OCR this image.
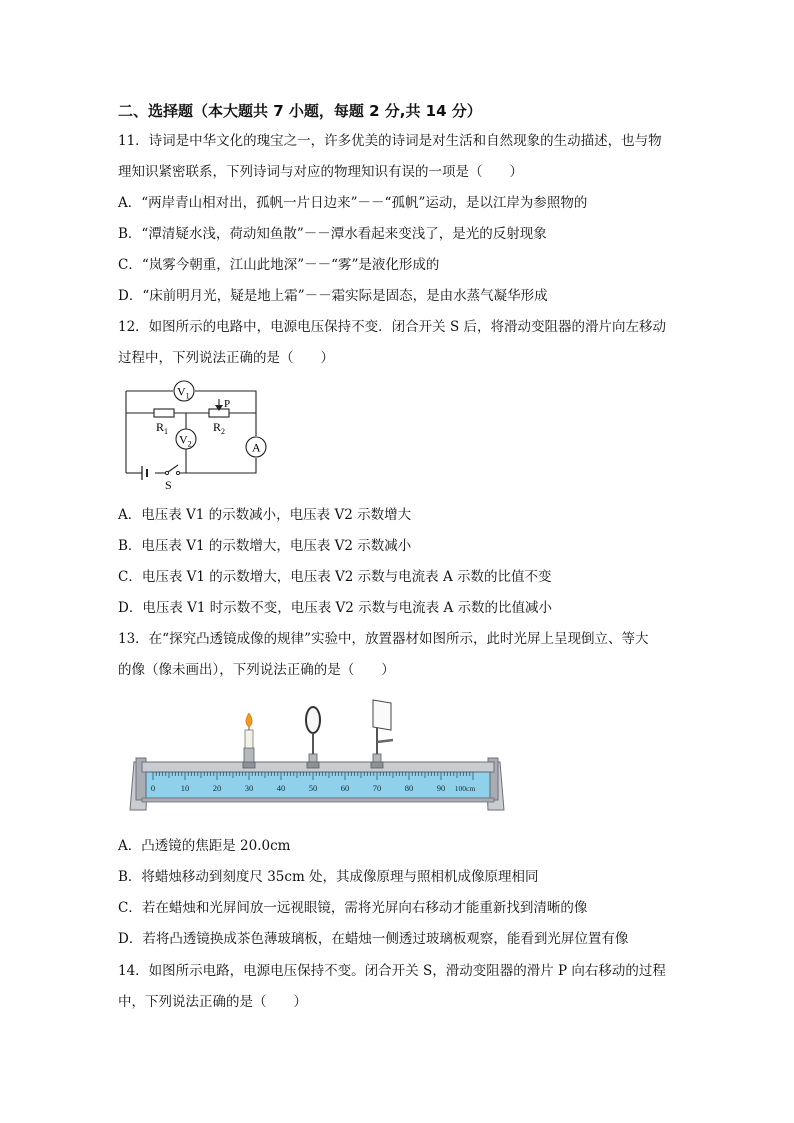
二、选择题（本大题共 7 小题，每题 2 分,共 14 分）
11．诗词是中华文化的瑰宝之一，许多优美的诗词是对生活和自然现象的生动描述，也与物
理知识紧密联系，下列诗词与对应的物理知识有误的一项是（　　）
A．“两岸青山相对出，孤帆一片日边来”－－“孤帆”运动，是以江岸为参照物的
B．“潭清疑水浅，荷动知鱼散”－－潭水看起来变浅了，是光的反射现象
C．“岚雾今朝重，江山此地深”－－“雾”是液化形成的
D．“床前明月光，疑是地上霜”－－霜实际是固态，是由水蒸气凝华形成
12．如图所示的电路中，电源电压保持不变．闭合开关 S 后，将滑动变阻器的滑片向左移动
过程中，下列说法正确的是（　　）
$V_1$
$V_2$	A
$R_1$	$R_2$
P
S
A．电压表 V1 的示数减小，电压表 V2 示数增大
B．电压表 V1 的示数增大，电压表 V2 示数减小
C．电压表 V1 的示数增大，电压表 V2 示数与电流表 A 示数的比值不变
D．电压表 V1 时示数不变，电压表 V2 示数与电流表 A 示数的比值减小
13．在“探究凸透镜成像的规律”实验中，放置器材如图所示，此时光屏上呈现倒立、等大
的像（像未画出），下列说法正确的是（　　）
0	10	20	30	40	50	60	70	80	90 100cm
A．凸透镜的焦距是 20.0cm
B．将蜡烛移动到刻度尺 35cm 处，其成像原理与照相机成像原理相同
C．若在蜡烛和光屏间放一远视眼镜，需将光屏向右移动才能重新找到清晰的像
D．若将凸透镜换成茶色薄玻璃板，在蜡烛一侧透过玻璃板观察，能看到光屏位置有像
14．如图所示电路，电源电压保持不变。闭合开关 S，滑动变阻器的滑片 P 向右移动的过程
中，下列说法正确的是（　　）
